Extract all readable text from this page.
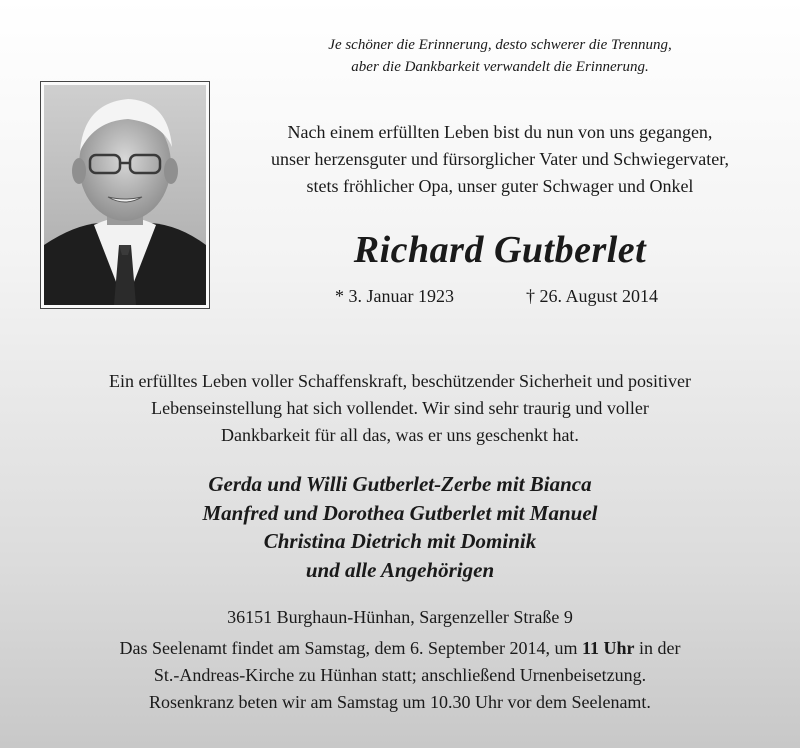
Je schöner die Erinnerung, desto schwerer die Trennung,
aber die Dankbarkeit verwandelt die Erinnerung.
Nach einem erfüllten Leben bist du nun von uns gegangen,
unser herzensguter und fürsorglicher Vater und Schwiegervater,
stets fröhlicher Opa, unser guter Schwager und Onkel
Richard Gutberlet
* 3. Januar 1923	† 26. August 2014
Ein erfülltes Leben voller Schaffenskraft, beschützender Sicherheit und positiver
Lebenseinstellung hat sich vollendet. Wir sind sehr traurig und voller
Dankbarkeit für all das, was er uns geschenkt hat.
Gerda und Willi Gutberlet-Zerbe mit Bianca
Manfred und Dorothea Gutberlet mit Manuel
Christina Dietrich mit Dominik
und alle Angehörigen
36151 Burghaun-Hünhan, Sargenzeller Straße 9
Das Seelenamt findet am Samstag, dem 6. September 2014, um 11 Uhr in der
St.-Andreas-Kirche zu Hünhan statt; anschließend Urnenbeisetzung.
Rosenkranz beten wir am Samstag um 10.30 Uhr vor dem Seelenamt.
